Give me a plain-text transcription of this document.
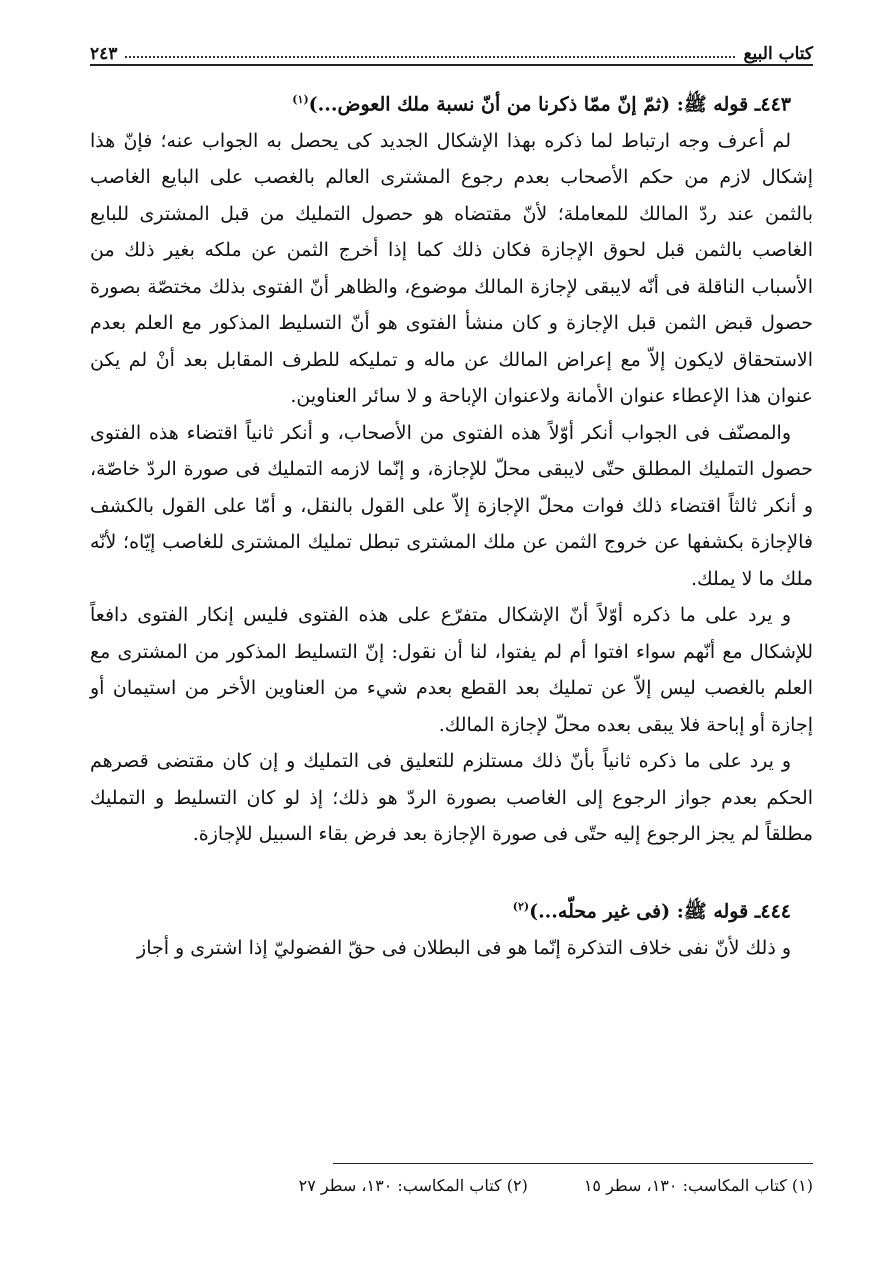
كتاب البيع
٢٤٣

٤٤٣ـ قوله ﷺ: (ثمّ إنّ ممّا ذكرنا من أنّ نسبة ملك العوض...)$^{(١)}$

لم أعرف وجه ارتباط لما ذكره بهذا الإشكال الجديد كى يحصل به الجواب عنه؛ فإنّ هذا إشكال لازم من حكم الأصحاب بعدم رجوع المشترى العالم بالغصب على البايع الغاصب بالثمن عند ردّ المالك للمعاملة؛ لأنّ مقتضاه هو حصول التمليك من قبل المشترى للبايع الغاصب بالثمن قبل لحوق الإجازة فكان ذلك كما إذا أخرج الثمن عن ملكه بغير ذلك من الأسباب الناقلة فى أنّه لايبقى لإجازة المالك موضوع، والظاهر أنّ الفتوى بذلك مختصّة بصورة حصول قبض الثمن قبل الإجازة و كان منشأ الفتوى هو أنّ التسليط المذكور مع العلم بعدم الاستحقاق لايكون إلاّ مع إعراض المالك عن ماله و تمليكه للطرف المقابل بعد أنْ لم يكن عنوان هذا الإعطاء عنوان الأمانة ولاعنوان الإباحة و لا سائر العناوين.

والمصنّف فى الجواب أنكر أوّلاً هذه الفتوى من الأصحاب، و أنكر ثانياً اقتضاء هذه الفتوى حصول التمليك المطلق حتّى لايبقى محلّ للإجازة، و إنّما لازمه التمليك فى صورة الردّ خاصّة، و أنكر ثالثاً اقتضاء ذلك فوات محلّ الإجازة إلاّ على القول بالنقل، و أمّا على القول بالكشف فالإجازة بكشفها عن خروج الثمن عن ملك المشترى تبطل تمليك المشترى للغاصب إيّاه؛ لأنّه ملك ما لا يملك.

و يرد على ما ذكره أوّلاً أنّ الإشكال متفرّع على هذه الفتوى فليس إنكار الفتوى دافعاً للإشكال مع أنّهم سواء افتوا أم لم يفتوا، لنا أن نقول: إنّ التسليط المذكور من المشترى مع العلم بالغصب ليس إلاّ عن تمليك بعد القطع بعدم شيء من العناوين الأخر من استيمان أو إجازة أو إباحة فلا يبقى بعده محلّ لإجازة المالك.

و يرد على ما ذكره ثانياً بأنّ ذلك مستلزم للتعليق فى التمليك و إن كان مقتضى قصرهم الحكم بعدم جواز الرجوع إلى الغاصب بصورة الردّ هو ذلك؛ إذ لو كان التسليط و التمليك مطلقاً لم يجز الرجوع إليه حتّى فى صورة الإجازة بعد فرض بقاء السبيل للإجازة.

٤٤٤ـ قوله ﷺ: (فى غير محلّه...)$^{(٢)}$

و ذلك لأنّ نفى خلاف التذكرة إنّما هو فى البطلان فى حقّ الفضوليّ إذا اشترى و أجاز

(١) كتاب المكاسب: ١٣٠، سطر ١٥
(٢) كتاب المكاسب: ١٣٠، سطر ٢٧
